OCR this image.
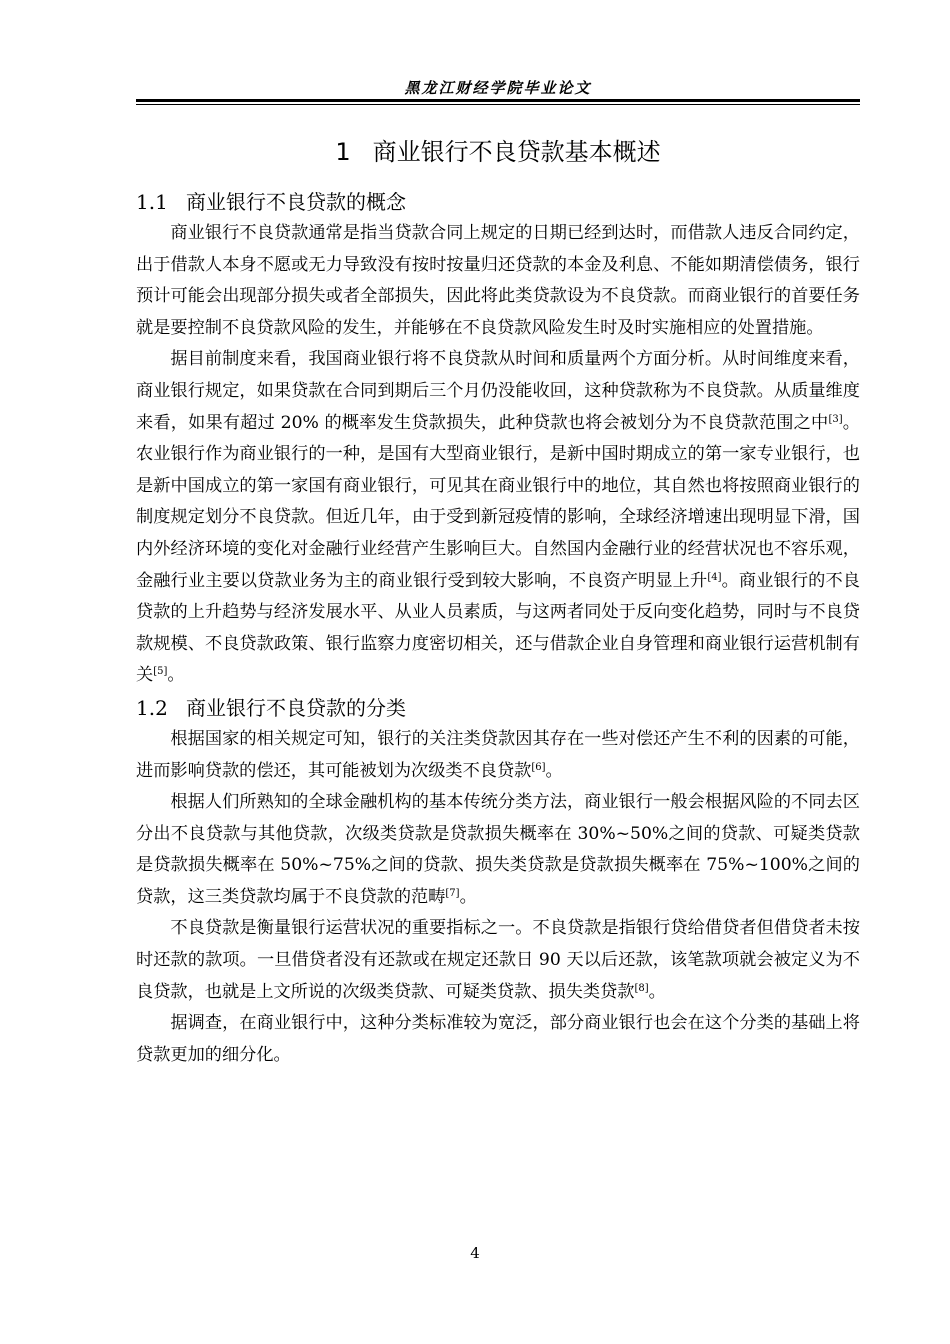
黑龙江财经学院毕业论文
1 商业银行不良贷款基本概述
1.1 商业银行不良贷款的概念

商业银行不良贷款通常是指当贷款合同上规定的日期已经到达时，而借款人违反合同约定，出于借款人本身不愿或无力导致没有按时按量归还贷款的本金及利息、不能如期清偿债务，银行预计可能会出现部分损失或者全部损失，因此将此类贷款设为不良贷款。而商业银行的首要任务就是要控制不良贷款风险的发生，并能够在不良贷款风险发生时及时实施相应的处置措施。

据目前制度来看，我国商业银行将不良贷款从时间和质量两个方面分析。从时间维度来看，商业银行规定，如果贷款在合同到期后三个月仍没能收回，这种贷款称为不良贷款。从质量维度来看，如果有超过 20% 的概率发生贷款损失，此种贷款也将会被划分为不良贷款范围之中[3]。农业银行作为商业银行的一种，是国有大型商业银行，是新中国时期成立的第一家专业银行，也是新中国成立的第一家国有商业银行，可见其在商业银行中的地位，其自然也将按照商业银行的制度规定划分不良贷款。但近几年，由于受到新冠疫情的影响，全球经济增速出现明显下滑，国内外经济环境的变化对金融行业经营产生影响巨大。自然国内金融行业的经营状况也不容乐观，金融行业主要以贷款业务为主的商业银行受到较大影响，不良资产明显上升[4]。商业银行的不良贷款的上升趋势与经济发展水平、从业人员素质，与这两者同处于反向变化趋势，同时与不良贷款规模、不良贷款政策、银行监察力度密切相关，还与借款企业自身管理和商业银行运营机制有关[5]。

1.2 商业银行不良贷款的分类

根据国家的相关规定可知，银行的关注类贷款因其存在一些对偿还产生不利的因素的可能，进而影响贷款的偿还，其可能被划为次级类不良贷款[6]。

根据人们所熟知的全球金融机构的基本传统分类方法，商业银行一般会根据风险的不同去区分出不良贷款与其他贷款，次级类贷款是贷款损失概率在 30%~50%之间的贷款、可疑类贷款是贷款损失概率在 50%~75%之间的贷款、损失类贷款是贷款损失概率在 75%~100%之间的贷款，这三类贷款均属于不良贷款的范畴[7]。

不良贷款是衡量银行运营状况的重要指标之一。不良贷款是指银行贷给借贷者但借贷者未按时还款的款项。一旦借贷者没有还款或在规定还款日 90 天以后还款，该笔款项就会被定义为不良贷款，也就是上文所说的次级类贷款、可疑类贷款、损失类贷款[8]。

据调查，在商业银行中，这种分类标准较为宽泛，部分商业银行也会在这个分类的基础上将贷款更加的细分化。

4
